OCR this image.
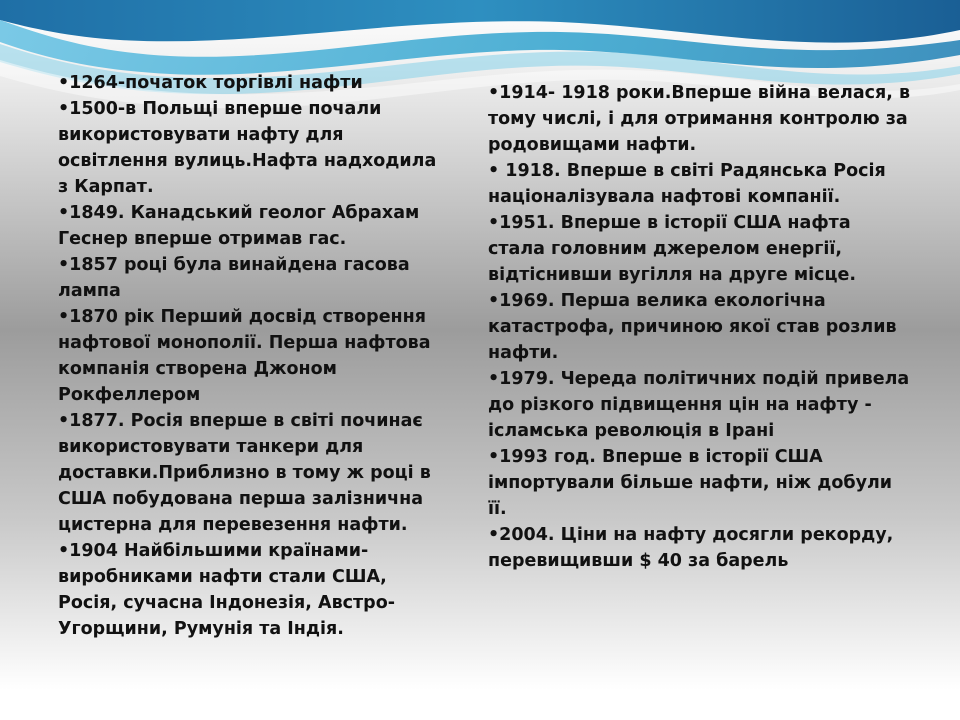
•1264-початок торгівлі нафти
•1500-в Польщі вперше почали використовувати нафту для освітлення вулиць.Нафта надходила з Карпат.
•1849. Канадський геолог Абрахам Геснер вперше отримав гас.
•1857 році була винайдена гасова лампа
•1870 рік Перший досвід створення нафтової монополії. Перша нафтова компанія створена Джоном Рокфеллером
•1877. Росія вперше в світі починає використовувати танкери для доставки.Приблизно в тому ж році в США побудована перша залізнична цистерна для перевезення нафти.
•1904 Найбільшими країнами-виробниками нафти стали США, Росія, сучасна Індонезія, Австро-Угорщини, Румунія та Індія.
•1914- 1918 роки.Вперше війна велася, в тому числі, і для отримання контролю за родовищами нафти.
• 1918. Вперше в світі Радянська Росія націоналізувала нафтові компанії.
•1951. Вперше в історії США нафта стала головним джерелом енергії, відтіснивши вугілля на друге місце.
•1969. Перша велика екологічна катастрофа, причиною якої став розлив нафти.
•1979. Череда політичних подій привела до різкого підвищення цін на нафту - ісламська революція в Ірані
•1993 год. Вперше в історії США імпортували більше нафти, ніж добули її.
•2004. Ціни на нафту досягли рекорду, перевищивши $ 40 за барель
